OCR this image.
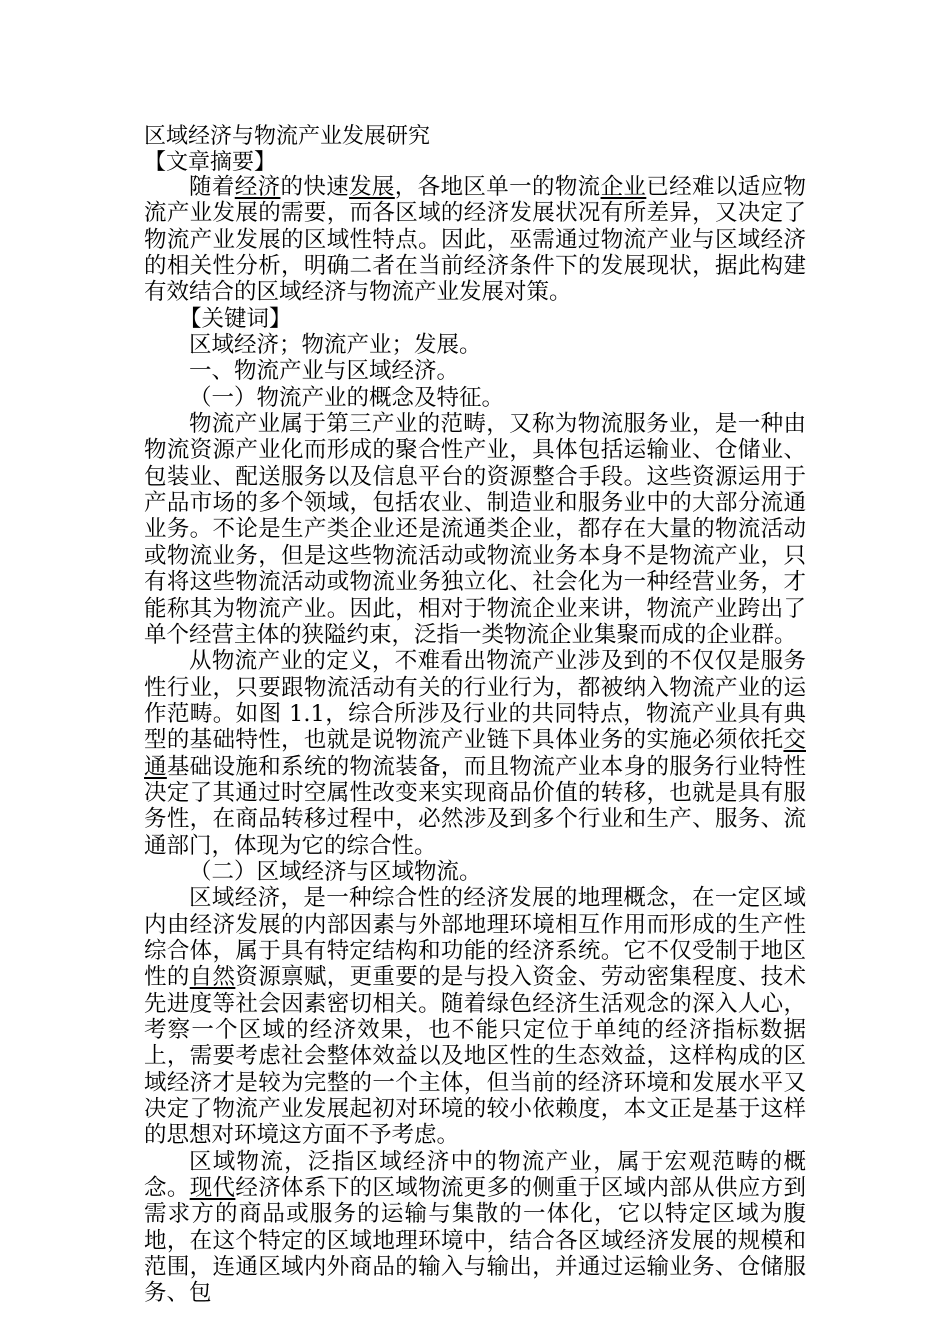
区域经济与物流产业发展研究
【文章摘要】

随着经济的快速发展，各地区单一的物流企业已经难以适应物流产业发展的需要，而各区域的经济发展状况有所差异，又决定了物流产业发展的区域性特点。因此，巫需通过物流产业与区域经济的相关性分析，明确二者在当前经济条件下的发展现状，据此构建有效结合的区域经济与物流产业发展对策。

【关键词】
区域经济；物流产业；发展。
一、物流产业与区域经济。
（一）物流产业的概念及特征。

物流产业属于第三产业的范畴，又称为物流服务业，是一种由物流资源产业化而形成的聚合性产业，具体包括运输业、仓储业、包装业、配送服务以及信息平台的资源整合手段。这些资源运用于产品市场的多个领域，包括农业、制造业和服务业中的大部分流通业务。不论是生产类企业还是流通类企业，都存在大量的物流活动或物流业务，但是这些物流活动或物流业务本身不是物流产业，只有将这些物流活动或物流业务独立化、社会化为一种经营业务，才能称其为物流产业。因此，相对于物流企业来讲，物流产业跨出了单个经营主体的狭隘约束，泛指一类物流企业集聚而成的企业群。

从物流产业的定义，不难看出物流产业涉及到的不仅仅是服务性行业，只要跟物流活动有关的行业行为，都被纳入物流产业的运作范畴。如图 1.1，综合所涉及行业的共同特点，物流产业具有典型的基础特性，也就是说物流产业链下具体业务的实施必须依托交通基础设施和系统的物流装备，而且物流产业本身的服务行业特性决定了其通过时空属性改变来实现商品价值的转移，也就是具有服务性，在商品转移过程中，必然涉及到多个行业和生产、服务、流通部门，体现为它的综合性。

（二）区域经济与区域物流。

区域经济，是一种综合性的经济发展的地理概念，在一定区域内由经济发展的内部因素与外部地理环境相互作用而形成的生产性综合体，属于具有特定结构和功能的经济系统。它不仅受制于地区性的自然资源禀赋，更重要的是与投入资金、劳动密集程度、技术先进度等社会因素密切相关。随着绿色经济生活观念的深入人心，考察一个区域的经济效果，也不能只定位于单纯的经济指标数据上，需要考虑社会整体效益以及地区性的生态效益，这样构成的区域经济才是较为完整的一个主体，但当前的经济环境和发展水平又决定了物流产业发展起初对环境的较小依赖度，本文正是基于这样的思想对环境这方面不予考虑。

区域物流，泛指区域经济中的物流产业，属于宏观范畴的概念。现代经济体系下的区域物流更多的侧重于区域内部从供应方到需求方的商品或服务的运输与集散的一体化，它以特定区域为腹地，在这个特定的区域地理环境中，结合各区域经济发展的规模和范围，连通区域内外商品的输入与输出，并通过运输业务、仓储服务、包
